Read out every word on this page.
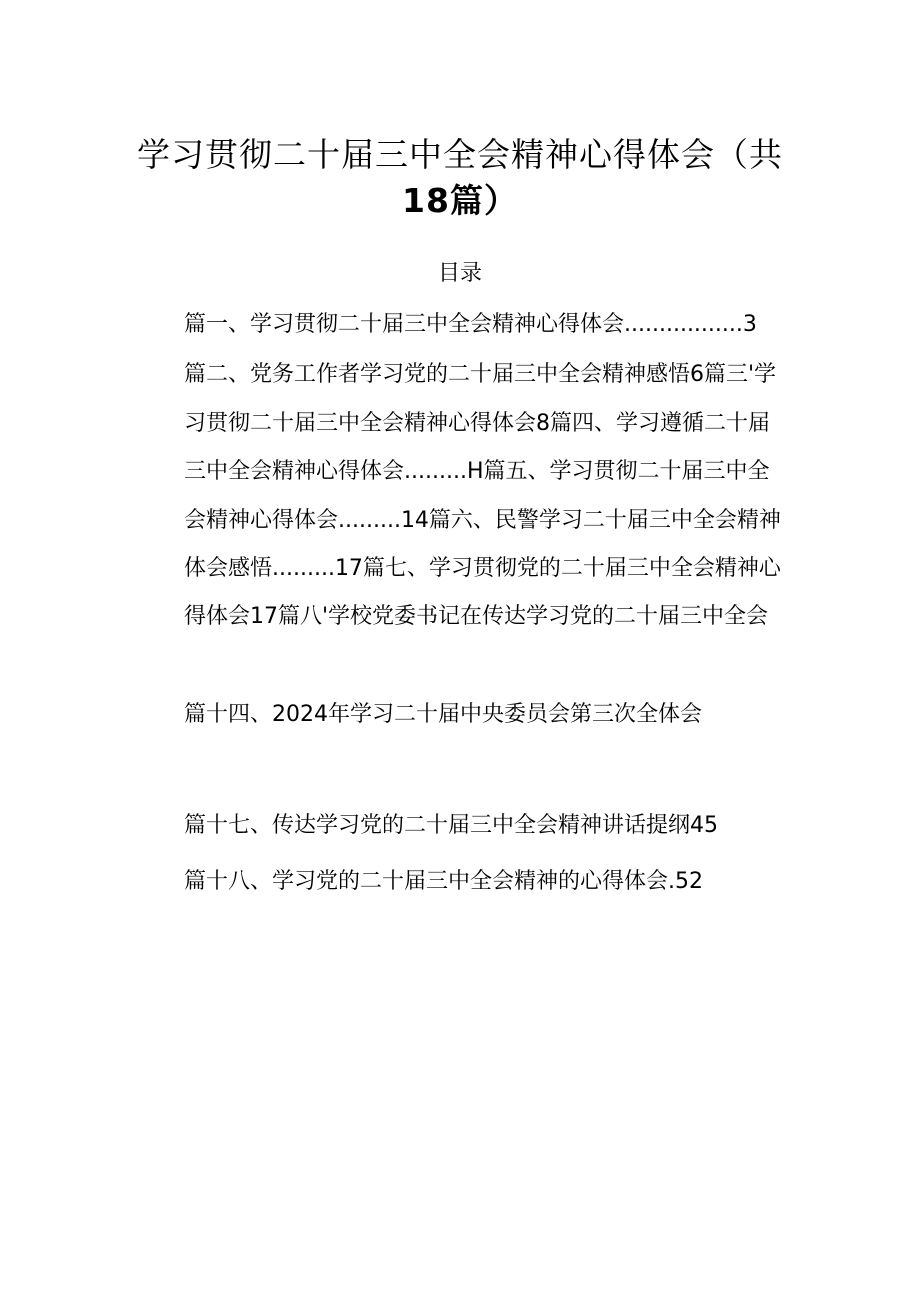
学习贯彻二十届三中全会精神心得体会（共
18篇）
目录

篇一、学习贯彻二十届三中全会精神心得体会.................3

篇二、党务工作者学习党的二十届三中全会精神感悟6篇三'学

习贯彻二十届三中全会精神心得体会8篇四、学习遵循二十届

三中全会精神心得体会.........H篇五、学习贯彻二十届三中全

会精神心得体会.........14篇六、民警学习二十届三中全会精神

体会感悟.........17篇七、学习贯彻党的二十届三中全会精神心

得体会17篇八'学校党委书记在传达学习党的二十届三中全会

篇十四、2024年学习二十届中央委员会第三次全体会

篇十七、传达学习党的二十届三中全会精神讲话提纲45

篇十八、学习党的二十届三中全会精神的心得体会.52
